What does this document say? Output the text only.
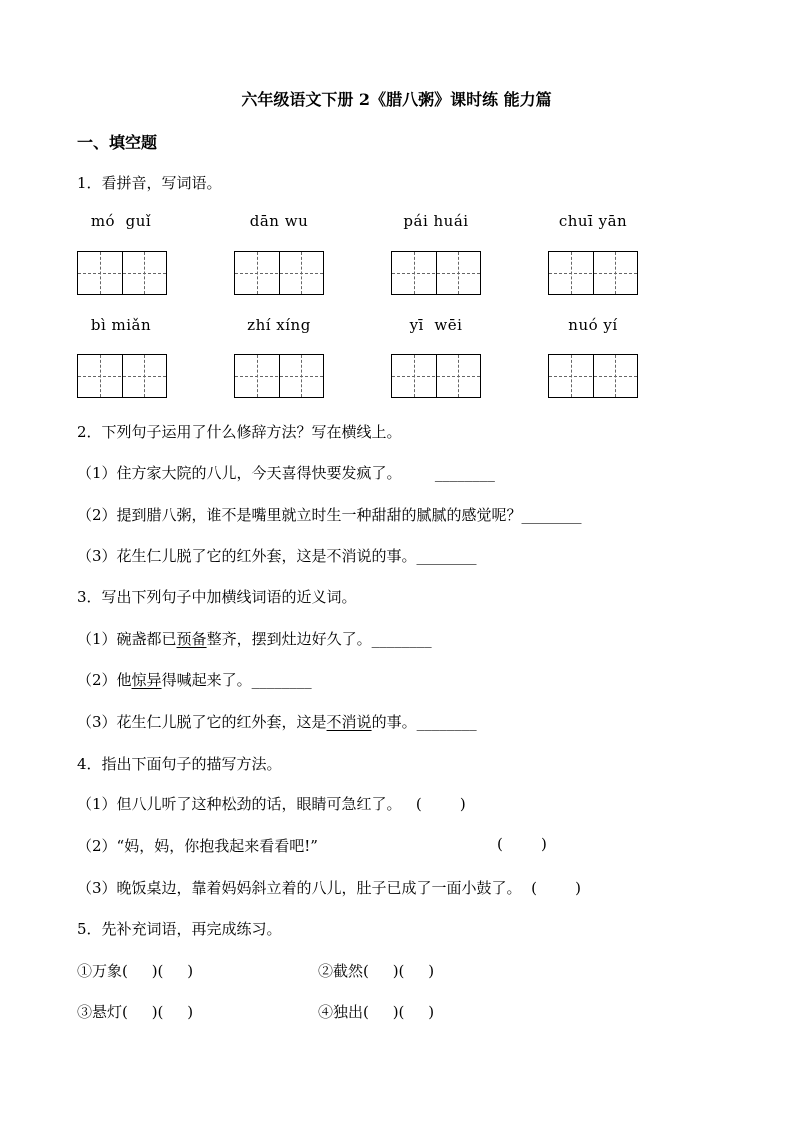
六年级语文下册 2《腊八粥》课时练 能力篇
一、填空题
1．看拼音，写词语。
mó  guǐ	dān wu	pái huái	chuī yān
bì miǎn	zhí xíng	yī  wēi	nuó yí
2．下列句子运用了什么修辞方法？写在横线上。
（1）住方家大院的八儿，今天喜得快要发疯了。       ________
（2）提到腊八粥，谁不是嘴里就立时生一种甜甜的腻腻的感觉呢？________
（3）花生仁儿脱了它的红外套，这是不消说的事。________
3．写出下列句子中加横线词语的近义词。
（1）碗盏都已预备整齐，摆到灶边好久了。________
（2）他惊异得喊起来了。________
（3）花生仁儿脱了它的红外套，这是不消说的事。________
4．指出下面句子的描写方法。
（1）但八儿听了这种松劲的话，眼睛可急红了。   (        )
（2）“妈，妈，你抱我起来看看吧!”	(        )
（3）晚饭桌边，靠着妈妈斜立着的八儿，肚子已成了一面小鼓了。  (        )
5．先补充词语，再完成练习。
①万象(     )(     )	②截然(     )(     )
③悬灯(     )(     )	④独出(     )(     )
